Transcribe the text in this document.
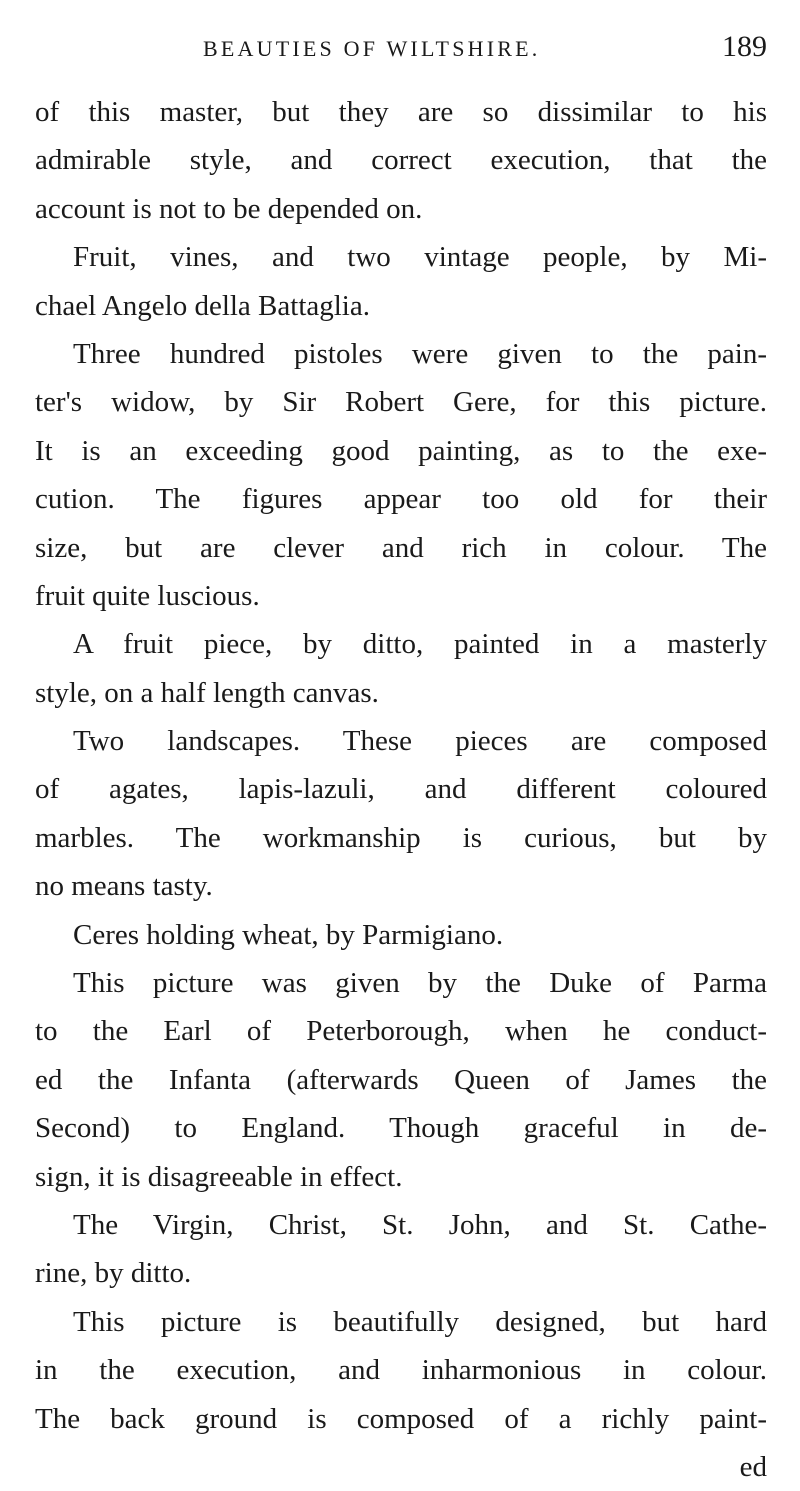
BEAUTIES OF WILTSHIRE.	189
of this master, but they are so dissimilar to his
admirable style, and correct execution, that the
account is not to be depended on.
Fruit, vines, and two vintage people, by Mi-
chael Angelo della Battaglia.
Three hundred pistoles were given to the pain-
ter's widow, by Sir Robert Gere, for this picture.
It is an exceeding good painting, as to the exe-
cution. The figures appear too old for their
size, but are clever and rich in colour. The
fruit quite luscious.
A fruit piece, by ditto, painted in a masterly
style, on a half length canvas.
Two landscapes. These pieces are composed
of agates, lapis-lazuli, and different coloured
marbles. The workmanship is curious, but by
no means tasty.
Ceres holding wheat, by Parmigiano.
This picture was given by the Duke of Parma
to the Earl of Peterborough, when he conduct-
ed the Infanta (afterwards Queen of James the
Second) to England. Though graceful in de-
sign, it is disagreeable in effect.
The Virgin, Christ, St. John, and St. Cathe-
rine, by ditto.
This picture is beautifully designed, but hard
in the execution, and inharmonious in colour.
The back ground is composed of a richly paint-
ed
